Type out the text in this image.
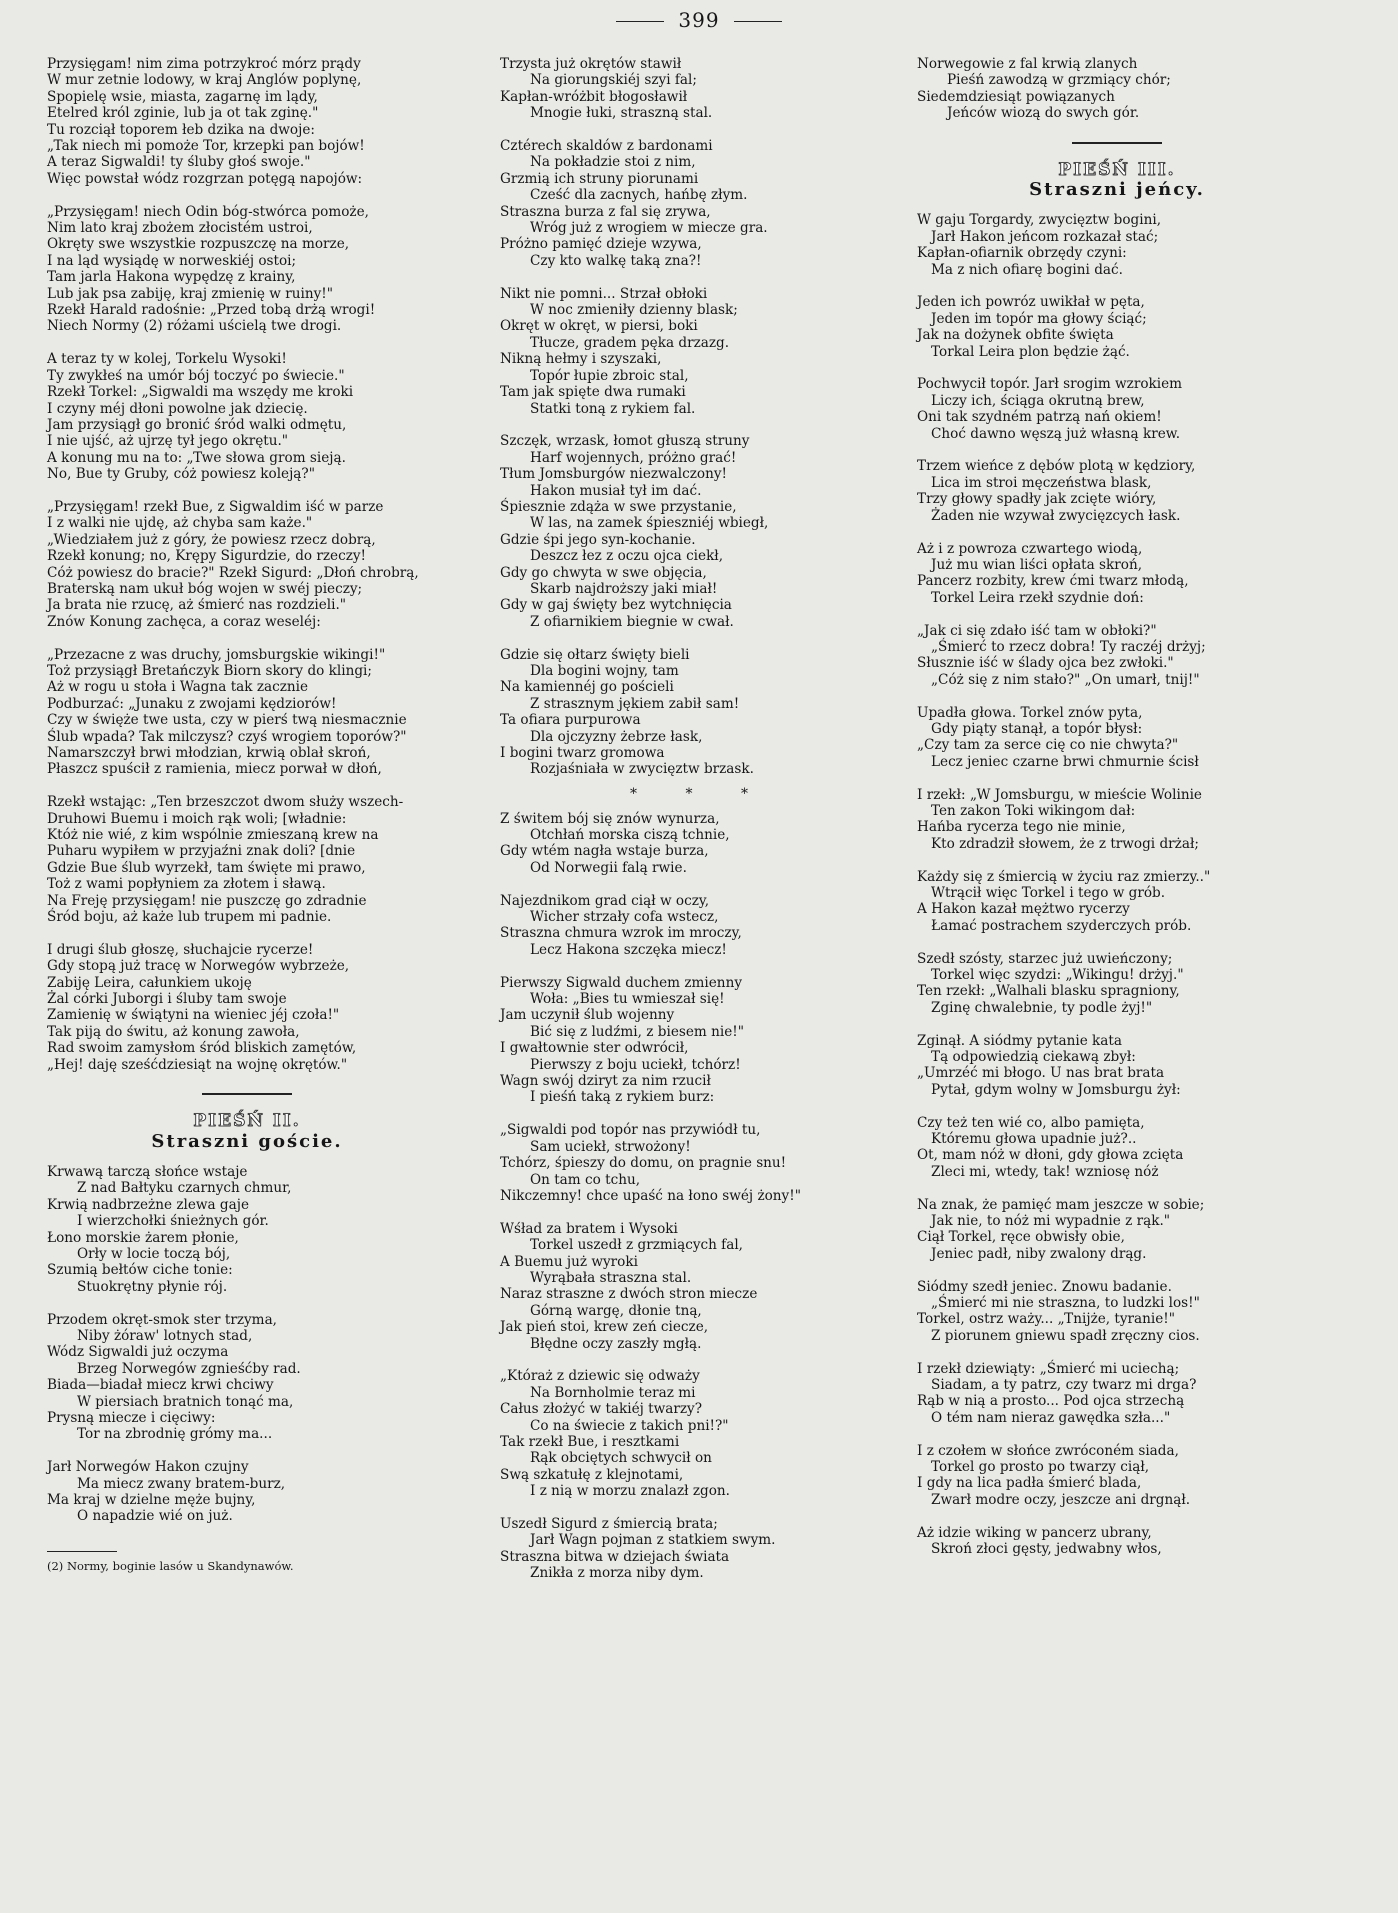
399
Przysięgam! nim zima potrzykroć mórz prądy
W mur zetnie lodowy, w kraj Anglów poplynę,
Spopielę wsie, miasta, zagarnę im lądy,
Etelred król zginie, lub ja ot tak zginę."
Tu rozciął toporem łeb dzika na dwoje:
„Tak niech mi pomoże Tor, krzepki pan bojów!
A teraz Sigwaldi! ty śluby głoś swoje."
Więc powstał wódz rozgrzan potęgą napojów:
„Przysięgam! niech Odin bóg-stwórca pomoże,
Nim lato kraj zbożem złocistém ustroi,
Okręty swe wszystkie rozpuszczę na morze,
I na ląd wysiądę w norweskiéj ostoi;
Tam jarla Hakona wypędzę z krainy,
Lub jak psa zabiję, kraj zmienię w ruiny!"
Rzekł Harald radośnie: „Przed tobą drżą wrogi!
Niech Normy (2) różami uścielą twe drogi.
A teraz ty w kolej, Torkelu Wysoki!
Ty zwykłeś na umór bój toczyć po świecie."
Rzekł Torkel: „Sigwaldi ma wszędy me kroki
I czyny méj dłoni powolne jak dziecię.
Jam przysiągł go bronić śród walki odmętu,
I nie ujść, aż ujrzę tył jego okrętu."
A konung mu na to: „Twe słowa grom sieją.
No, Bue ty Gruby, cóż powiesz koleją?"
„Przysięgam! rzekł Bue, z Sigwaldim iść w parze
I z walki nie ujdę, aż chyba sam każe."
„Wiedziałem już z góry, że powiesz rzecz dobrą,
Rzekł konung; no, Krępy Sigurdzie, do rzeczy!
Cóż powiesz do bracie?" Rzekł Sigurd: „Dłoń chrobrą,
Braterską nam ukuł bóg wojen w swéj pieczy;
Ja brata nie rzucę, aż śmierć nas rozdzieli."
Znów Konung zachęca, a coraz weseléj:
„Przezacne z was druchy, jomsburgskie wikingi!"
Toż przysiągł Bretańczyk Biorn skory do klingi;
Aż w rogu u stoła i Wagna tak zacznie
Podburzać: „Junaku z zwojami kędziorów!
Czy w święże twe usta, czy w pierś twą niesmacznie
Ślub wpada? Tak milczysz? czyś wrogiem toporów?"
Namarszczył brwi młodzian, krwią oblał skroń,
Płaszcz spuścił z ramienia, miecz porwał w dłoń,
Rzekł wstając: „Ten brzeszczot dwom służy wszech-
Druhowi Buemu i moich rąk woli; [władnie:
Któż nie wié, z kim wspólnie zmieszaną krew na
Puharu wypiłem w przyjaźni znak doli? [dnie
Gdzie Bue ślub wyrzekł, tam święte mi prawo,
Toż z wami popłyniem za złotem i sławą.
Na Freję przysięgam! nie puszczę go zdradnie
Śród boju, aż każe lub trupem mi padnie.
I drugi ślub głoszę, słuchajcie rycerze!
Gdy stopą już tracę w Norwegów wybrzeże,
Zabiję Leira, całunkiem ukoję
Żal córki Juborgi i śluby tam swoje
Zamienię w świątyni na wieniec jéj czoła!"
Tak piją do świtu, aż konung zawoła,
Rad swoim zamysłom śród bliskich zamętów,
„Hej! daję sześćdziesiąt na wojnę okrętów."
PIEŚŃ II.
Straszni goście.
Krwawą tarczą słońce wstaje
Z nad Bałtyku czarnych chmur,
Krwią nadbrzeżne zlewa gaje
I wierzchołki śnieżnych gór.
Łono morskie żarem płonie,
Orły w locie toczą bój,
Szumią bełtów ciche tonie:
Stuokrętny płynie rój.
Przodem okręt-smok ster trzyma,
Niby żóraw' lotnych stad,
Wódz Sigwaldi już oczyma
Brzeg Norwegów zgnieśćby rad.
Biada—biadał miecz krwi chciwy
W piersiach bratnich tonąć ma,
Prysną miecze i cięciwy:
Tor na zbrodnię grómy ma...
Jarł Norwegów Hakon czujny
Ma miecz zwany bratem-burz,
Ma kraj w dzielne męże bujny,
O napadzie wié on już.
(2) Normy, boginie lasów u Skandynawów.
Trzysta już okrętów stawił
Na giorungskiéj szyi fal;
Kapłan-wróżbit błogosławił
Mnogie łuki, straszną stal.
Cztérech skaldów z bardonami
Na pokładzie stoi z nim,
Grzmią ich struny piorunami
Cześć dla zacnych, hańbę złym.
Straszna burza z fal się zrywa,
Wróg już z wrogiem w miecze gra.
Próżno pamięć dzieje wzywa,
Czy kto walkę taką zna?!
Nikt nie pomni... Strzał obłoki
W noc zmieniły dzienny blask;
Okręt w okręt, w piersi, boki
Tłucze, gradem pęka drzazg.
Nikną hełmy i szyszaki,
Topór łupie zbroic stal,
Tam jak spięte dwa rumaki
Statki toną z rykiem fal.
Szczęk, wrzask, łomot głuszą struny
Harf wojennych, próżno grać!
Tłum Jomsburgów niezwalczony!
Hakon musiał tył im dać.
Śpiesznie zdąża w swe przystanie,
W las, na zamek śpieszniéj wbiegł,
Gdzie śpi jego syn-kochanie.
Deszcz łez z oczu ojca ciekł,
Gdy go chwyta w swe objęcia,
Skarb najdroższy jaki miał!
Gdy w gaj święty bez wytchnięcia
Z ofiarnikiem biegnie w cwał.
Gdzie się ołtarz święty bieli
Dla bogini wojny, tam
Na kamiennéj go pościeli
Z strasznym jękiem zabił sam!
Ta ofiara purpurowa
Dla ojczyzny żebrze łask,
I bogini twarz gromowa
Rozjaśniała w zwycięztw brzask.
* * *
Z świtem bój się znów wynurza,
Otchłań morska ciszą tchnie,
Gdy wtém nagła wstaje burza,
Od Norwegii falą rwie.
Najezdnikom grad ciął w oczy,
Wicher strzały cofa wstecz,
Straszna chmura wzrok im mroczy,
Lecz Hakona szczęka miecz!
Pierwszy Sigwald duchem zmienny
Woła: „Bies tu wmieszał się!
Jam uczynił ślub wojenny
Bić się z ludźmi, z biesem nie!"
I gwałtownie ster odwrócił,
Pierwszy z boju uciekł, tchórz!
Wagn swój dziryt za nim rzucił
I pieśń taką z rykiem burz:
„Sigwaldi pod topór nas przywiódł tu,
Sam uciekł, strwożony!
Tchórz, śpieszy do domu, on pragnie snu!
On tam co tchu,
Nikczemny! chce upaść na łono swéj żony!"
Wśład za bratem i Wysoki
Torkel uszedł z grzmiących fal,
A Buemu już wyroki
Wyrąbała straszna stal.
Naraz straszne z dwóch stron miecze
Górną wargę, dłonie tną,
Jak pień stoi, krew zeń ciecze,
Błędne oczy zaszły mgłą.
„Któraż z dziewic się odważy
Na Bornholmie teraz mi
Całus złożyć w takiéj twarzy?
Co na świecie z takich pni!?"
Tak rzekł Bue, i resztkami
Rąk obciętych schwycił on
Swą szkatułę z klejnotami,
I z nią w morzu znalazł zgon.
Uszedł Sigurd z śmiercią brata;
Jarł Wagn pojman z statkiem swym.
Straszna bitwa w dziejach świata
Znikła z morza niby dym.
Norwegowie z fal krwią zlanych
Pieśń zawodzą w grzmiący chór;
Siedemdziesiąt powiązanych
Jeńców wiozą do swych gór.
PIEŚŃ III.
Straszni jeńcy.
W gaju Torgardy, zwycięztw bogini,
Jarł Hakon jeńcom rozkazał stać;
Kapłan-ofiarnik obrzędy czyni:
Ma z nich ofiarę bogini dać.
Jeden ich powróz uwikłał w pęta,
Jeden im topór ma głowy ściąć;
Jak na dożynek obfite święta
Torkal Leira plon będzie żąć.
Pochwycił topór. Jarł srogim wzrokiem
Liczy ich, ściąga okrutną brew,
Oni tak szydném patrzą nań okiem!
Choć dawno węszą już własną krew.
Trzem wieńce z dębów plotą w kędziory,
Lica im stroi męczeństwa blask,
Trzy głowy spadły jak zcięte wióry,
Żaden nie wzywał zwycięzcych łask.
Aż i z powroza czwartego wiodą,
Już mu wian liści opłata skroń,
Pancerz rozbity, krew ćmi twarz młodą,
Torkel Leira rzekł szydnie doń:
„Jak ci się zdało iść tam w obłoki?"
„Śmierć to rzecz dobra! Ty raczéj drżyj;
Słusznie iść w ślady ojca bez zwłoki."
„Cóż się z nim stało?" „On umarł, tnij!"
Upadła głowa. Torkel znów pyta,
Gdy piąty stanął, a topór błysł:
„Czy tam za serce cię co nie chwyta?"
Lecz jeniec czarne brwi chmurnie ścisł
I rzekł: „W Jomsburgu, w mieście Wolinie
Ten zakon Toki wikingom dał:
Hańba rycerza tego nie minie,
Kto zdradził słowem, że z trwogi drżał;
Każdy się z śmiercią w życiu raz zmierzy.."
Wtrącił więc Torkel i tego w grób.
A Hakon kazał mężtwo rycerzy
Łamać postrachem szyderczych prób.
Szedł szósty, starzec już uwieńczony;
Torkel więc szydzi: „Wikingu! drżyj."
Ten rzekł: „Walhali blasku spragniony,
Zginę chwalebnie, ty podle żyj!"
Zginął. A siódmy pytanie kata
Tą odpowiedzią ciekawą zbył:
„Umrzéć mi błogo. U nas brat brata
Pytał, gdym wolny w Jomsburgu żył:
Czy też ten wié co, albo pamięta,
Któremu głowa upadnie już?..
Ot, mam nóż w dłoni, gdy głowa zcięta
Zleci mi, wtedy, tak! wzniosę nóż
Na znak, że pamięć mam jeszcze w sobie;
Jak nie, to nóż mi wypadnie z rąk."
Ciął Torkel, ręce obwisły obie,
Jeniec padł, niby zwalony drąg.
Siódmy szedł jeniec. Znowu badanie.
„Śmierć mi nie straszna, to ludzki los!"
Torkel, ostrz waży... „Tnijże, tyranie!"
Z piorunem gniewu spadł zręczny cios.
I rzekł dziewiąty: „Śmierć mi uciechą;
Siadam, a ty patrz, czy twarz mi drga?
Rąb w nią a prosto... Pod ojca strzechą
O tém nam nieraz gawędka szła..."
I z czołem w słońce zwróconém siada,
Torkel go prosto po twarzy ciął,
I gdy na lica padła śmierć blada,
Zwarł modre oczy, jeszcze ani drgnął.
Aż idzie wiking w pancerz ubrany,
Skroń złoci gęsty, jedwabny włos,
